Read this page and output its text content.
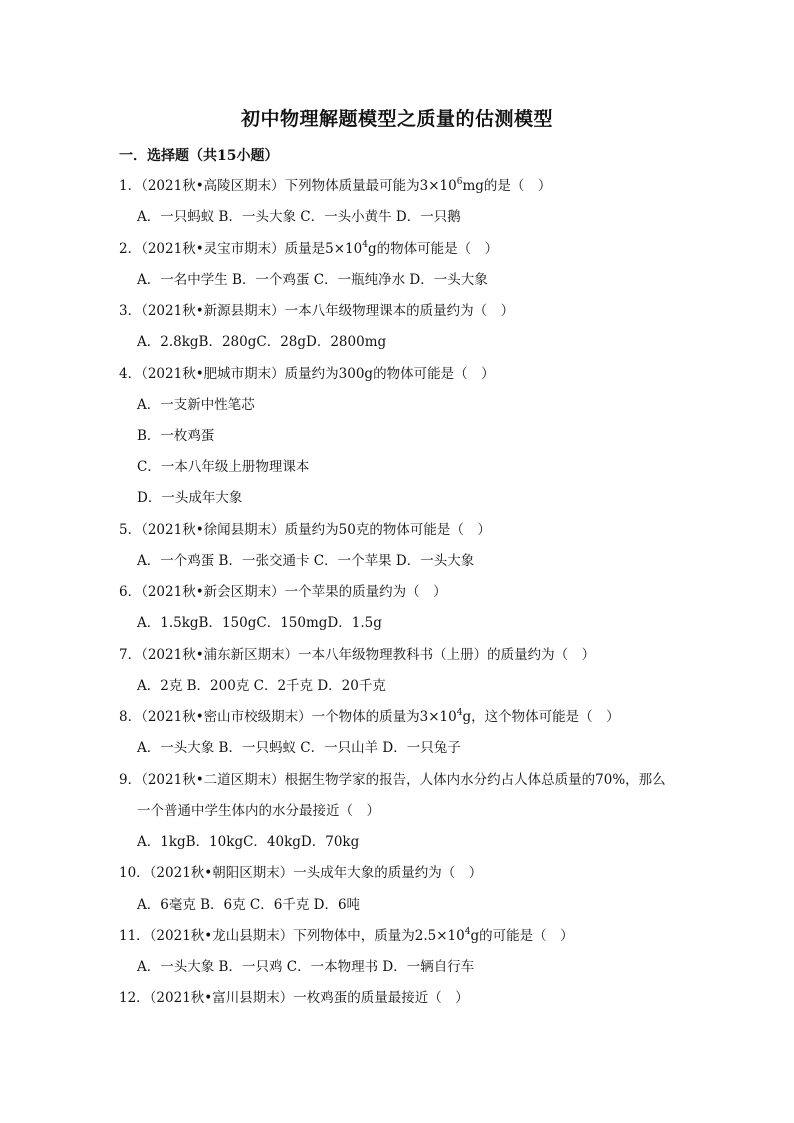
初中物理解题模型之质量的估测模型
一．选择题（共15小题）
1．（2021秋•高陵区期末）下列物体质量最可能为$3\times 10^6mg$的是（　）
A．一只蚂蚁 B．一头大象 C．一头小黄牛 D．一只鹅
2．（2021秋•灵宝市期末）质量是$5\times 10^4g$的物体可能是（　）
A．一名中学生 B．一个鸡蛋 C．一瓶纯净水 D．一头大象
3．（2021秋•新源县期末）一本八年级物理课本的质量约为（　）
A．2.8kgB．280gC．28gD．2800mg
4．（2021秋•肥城市期末）质量约为300g的物体可能是（　）
A．一支新中性笔芯
B．一枚鸡蛋
C．一本八年级上册物理课本
D．一头成年大象
5．（2021秋•徐闻县期末）质量约为50克的物体可能是（　）
A．一个鸡蛋 B．一张交通卡 C．一个苹果 D．一头大象
6．（2021秋•新会区期末）一个苹果的质量约为（　）
A．1.5kgB．150gC．150mgD．1.5g
7．（2021秋•浦东新区期末）一本八年级物理教科书（上册）的质量约为（　）
A．2克 B．200克 C．2千克 D．20千克
8．（2021秋•密山市校级期末）一个物体的质量为$3\times 10^4g$，这个物体可能是（　）
A．一头大象 B．一只蚂蚁 C．一只山羊 D．一只兔子
9．（2021秋•二道区期末）根据生物学家的报告，人体内水分约占人体总质量的70%，那么
一个普通中学生体内的水分最接近（　）
A．1kgB．10kgC．40kgD．70kg
10．（2021秋•朝阳区期末）一头成年大象的质量约为（　）
A．6毫克 B．6克 C．6千克 D．6吨
11．（2021秋•龙山县期末）下列物体中，质量为$2.5\times 10^4g$的可能是（　）
A．一头大象 B．一只鸡 C．一本物理书 D．一辆自行车
12．（2021秋•富川县期末）一枚鸡蛋的质量最接近（　）
